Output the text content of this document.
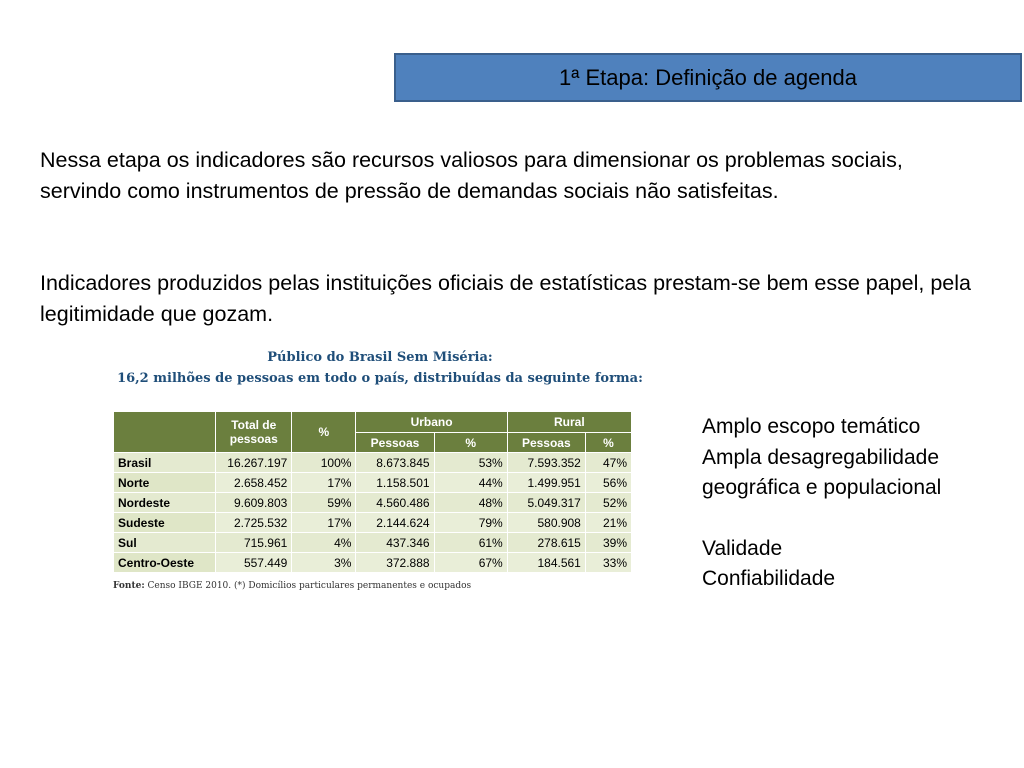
1ª Etapa: Definição de agenda

Nessa etapa os indicadores são recursos valiosos para dimensionar os problemas sociais, servindo como instrumentos de pressão de demandas sociais não satisfeitas.

Indicadores produzidos pelas instituições oficiais de estatísticas prestam-se bem esse papel, pela legitimidade que gozam.

Público do Brasil Sem Miséria:
16,2 milhões de pessoas em todo o país, distribuídas da seguinte forma:
	Total de pessoas	%	Urbano		Rural	
			Pessoas	%	Pessoas	%
Brasil	16.267.197	100%	8.673.845	53%	7.593.352	47%
Norte	2.658.452	17%	1.158.501	44%	1.499.951	56%
Nordeste	9.609.803	59%	4.560.486	48%	5.049.317	52%
Sudeste	2.725.532	17%	2.144.624	79%	580.908	21%
Sul	715.961	4%	437.346	61%	278.615	39%
Centro-Oeste	557.449	3%	372.888	67%	184.561	33%
Fonte: Censo IBGE 2010. (*) Domicílios particulares permanentes e ocupados
Amplo escopo temático
Ampla desagregabilidade geográfica e populacional
Validade
Confiabilidade
